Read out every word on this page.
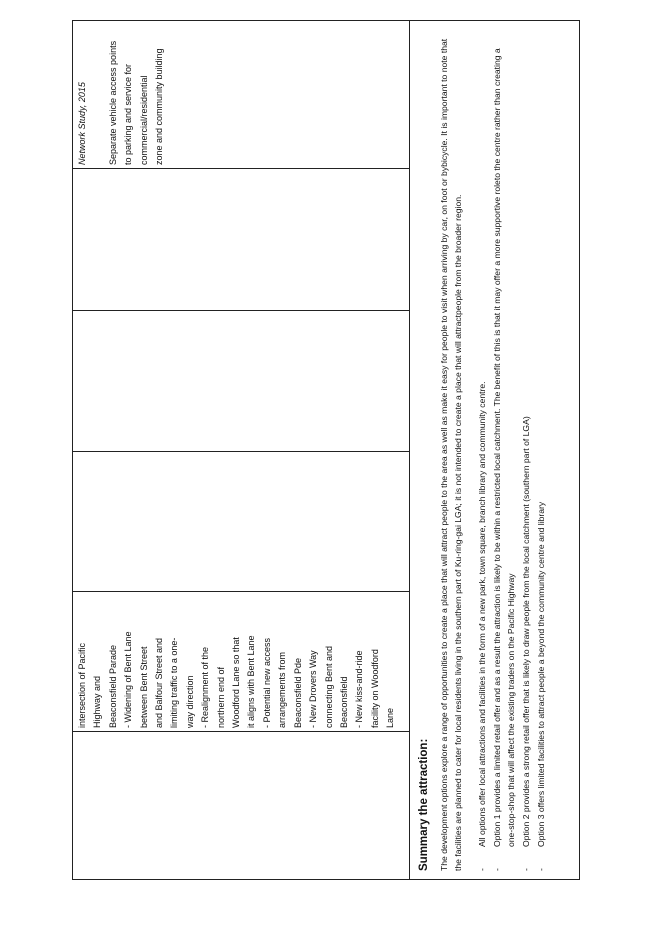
intersection of Pacific Highway and Beaconsfield Parade - Widening of Bent Lane between Bent Street and Balfour Street and limiting traffic to a one- way direction - Realignment of the northern end of Woodford Lane so that it aligns with Bent Lane - Potential new access arrangements from Beaconsfield Pde - New Drovers Way connecting Bent and Beaconsfield - New kiss-and-ride facility on Woodford Lane
Network Study, 2015	Separate vehicle access points to parking and service for commercial/residential zone and community building
Summary the attraction: The development options explore a range of opportunities to create a place that will attract people to the area as well as make it easy for people to visit when arriving by car, on foot or bybicycle. It is important to note that the facilities are planned to cater for local residents living in the southern part of Ku-ring-gai LGA; it is not intended to create a place that will attractpeople from the broader region.

-
All options offer local attractions and facilities in the form of a new park, town square, branch library and community centre.
-
Option 1 provides a limited retail offer and as a result the attraction is likely to be within a restricted local catchment. The benefit of this is that it may offer a more supportive roleto the centre rather than creating a one-stop-shop that will affect the existing traders on the Pacific Highway
-
Option 2 provides a strong retail offer that is likely to draw people from the local catchment (southern part of LGA)
-
Option 3 offers limited facilities to attract people a beyond the community centre and library
